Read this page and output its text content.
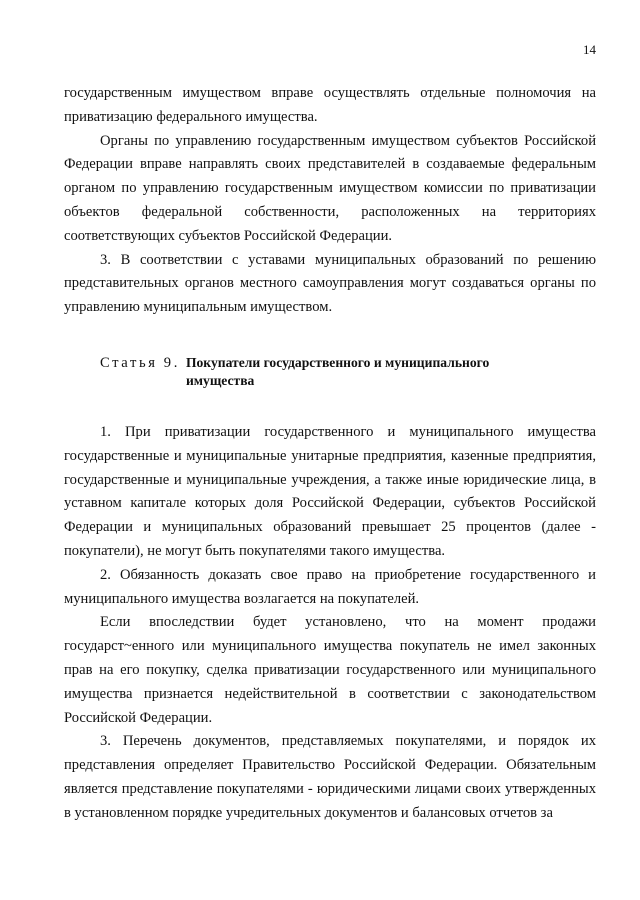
14

государственным имуществом вправе осуществлять отдельные полномочия на приватизацию федерального имущества.

Органы по управлению государственным имуществом субъектов Российской Федерации вправе направлять своих представителей в создаваемые федеральным органом по управлению государственным имуществом комиссии по приватизации объектов федеральной собственности, расположенных на территориях соответствующих субъектов Российской Федерации.

3. В соответствии с уставами муниципальных образований по решению представительных органов местного самоуправления могут создаваться органы по управлению муниципальным имуществом.

Статья 9. Покупатели государственного и муниципального имущества

1. При приватизации государственного и муниципального имущества государственные и муниципальные унитарные предприятия, казенные предприятия, государственные и муниципальные учреждения, а также иные юридические лица, в уставном капитале которых доля Российской Федерации, субъектов Российской Федерации и муниципальных образований превышает 25 процентов (далее - покупатели), не могут быть покупателями такого имущества.

2. Обязанность доказать свое право на приобретение государственного и муниципального имущества возлагается на покупателей.

Если впоследствии будет установлено, что на момент продажи государст~енного или муниципального имущества покупатель не имел законных прав на его покупку, сделка приватизации государственного или муниципального имущества признается недействительной в соответствии с законодательством Российской Федерации.

3. Перечень документов, представляемых покупателями, и порядок их представления определяет Правительство Российской Федерации. Обязательным является представление покупателями - юридическими лицами своих утвержденных в установленном порядке учредительных документов и балансовых отчетов за
